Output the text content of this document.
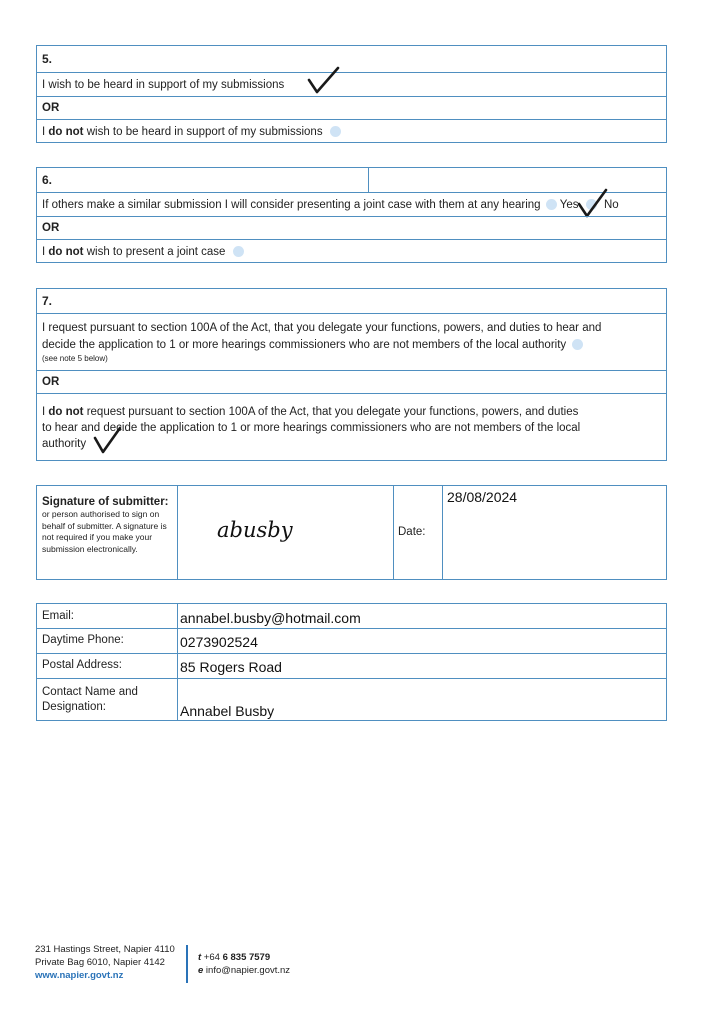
5.
I wish to be heard in support of my submissions
OR
I do not wish to be heard in support of my submissions
6.
If others make a similar submission I will consider presenting a joint case with them at any hearing Yes No
OR
I do not wish to present a joint case
7.
I request pursuant to section 100A of the Act, that you delegate your functions, powers, and duties to hear and
decide the application to 1 or more hearings commissioners who are not members of the local authority
(see note 5 below)
OR
I do not request pursuant to section 100A of the Act, that you delegate your functions, powers, and duties
to hear and decide the application to 1 or more hearings commissioners who are not members of the local
authority
Signature of submitter:
or person authorised to sign on behalf of submitter. A signature is not required if you make your submission electronically.
abusby	Date:
28/08/2024
Email:	annabel.busby@hotmail.com
Daytime Phone:	0273902524
Postal Address:	85 Rogers Road
Contact Name and Designation:	Annabel Busby
231 Hastings Street, Napier 4110
Private Bag 6010, Napier 4142
www.napier.govt.nz
t +64 6 835 7579
e info@napier.govt.nz
